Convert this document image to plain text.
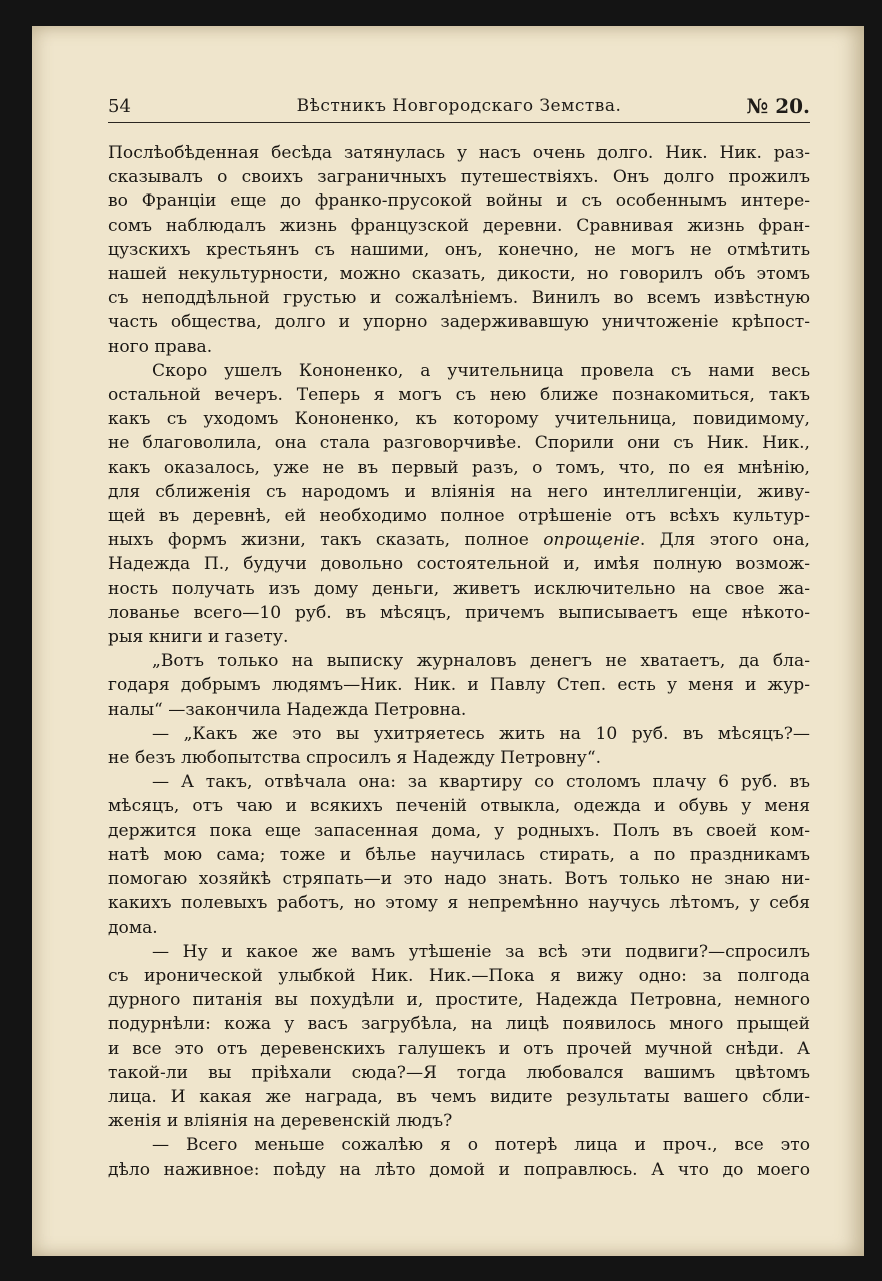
54	Вѣстникъ Новгородскаго Земства.	№ 20.
Послѣобѣденная бесѣда затянулась у насъ очень долго. Ник. Ник. раз-
сказывалъ о своихъ заграничныхъ путешествіяхъ. Онъ долго прожилъ
во Франціи еще до франко-прусокой войны и съ особеннымъ интере-
сомъ наблюдалъ жизнь французской деревни. Сравнивая жизнь фран-
цузскихъ крестьянъ съ нашими, онъ, конечно, не могъ не отмѣтить
нашей некультурности, можно сказать, дикости, но говорилъ объ этомъ
съ неподдѣльной грустью и сожалѣніемъ. Винилъ во всемъ извѣстную
часть общества, долго и упорно задерживавшую уничтоженіе крѣпост-
ного права.
Скоро ушелъ Кононенко, а учительница провела съ нами весь
остальной вечеръ. Теперь я могъ съ нею ближе познакомиться, такъ
какъ съ уходомъ Кононенко, къ которому учительница, повидимому,
не благоволила, она стала разговорчивѣе. Спорили они съ Ник. Ник.,
какъ оказалось, уже не въ первый разъ, о томъ, что, по ея мнѣнію,
для сближенія съ народомъ и вліянія на него интеллигенціи, живу-
щей въ деревнѣ, ей необходимо полное отрѣшеніе отъ всѣхъ культур-
ныхъ формъ жизни, такъ сказать, полное опрощеніе. Для этого она,
Надежда П., будучи довольно состоятельной и, имѣя полную возмож-
ность получать изъ дому деньги, живетъ исключительно на свое жа-
лованье всего—10 руб. въ мѣсяцъ, причемъ выписываетъ еще нѣкото-
рыя книги и газету.
„Вотъ только на выписку журналовъ денегъ не хватаетъ, да бла-
годаря добрымъ людямъ—Ник. Ник. и Павлу Степ. есть у меня и жур-
налы“ —закончила Надежда Петровна.
— „Какъ же это вы ухитряетесь жить на 10 руб. въ мѣсяцъ?—
не безъ любопытства спросилъ я Надежду Петровну“.
— А такъ, отвѣчала она: за квартиру со столомъ плачу 6 руб. въ
мѣсяцъ, отъ чаю и всякихъ печеній отвыкла, одежда и обувь у меня
держится пока еще запасенная дома, у родныхъ. Полъ въ своей ком-
натѣ мою сама; тоже и бѣлье научилась стирать, а по праздникамъ
помогаю хозяйкѣ стряпать—и это надо знать. Вотъ только не знаю ни-
какихъ полевыхъ работъ, но этому я непремѣнно научусь лѣтомъ, у себя
дома.
— Ну и какое же вамъ утѣшеніе за всѣ эти подвиги?—спросилъ
съ иронической улыбкой Ник. Ник.—Пока я вижу одно: за полгода
дурного питанія вы похудѣли и, простите, Надежда Петровна, немного
подурнѣли: кожа у васъ загрубѣла, на лицѣ появилось много прыщей
и все это отъ деревенскихъ галушекъ и отъ прочей мучной снѣди. А
такой-ли вы пріѣхали сюда?—Я тогда любовался вашимъ цвѣтомъ
лица. И какая же награда, въ чемъ видите результаты вашего сбли-
женія и вліянія на деревенскій людъ?
— Всего меньше сожалѣю я о потерѣ лица и проч., все это
дѣло наживное: поѣду на лѣто домой и поправлюсь. А что до моего
